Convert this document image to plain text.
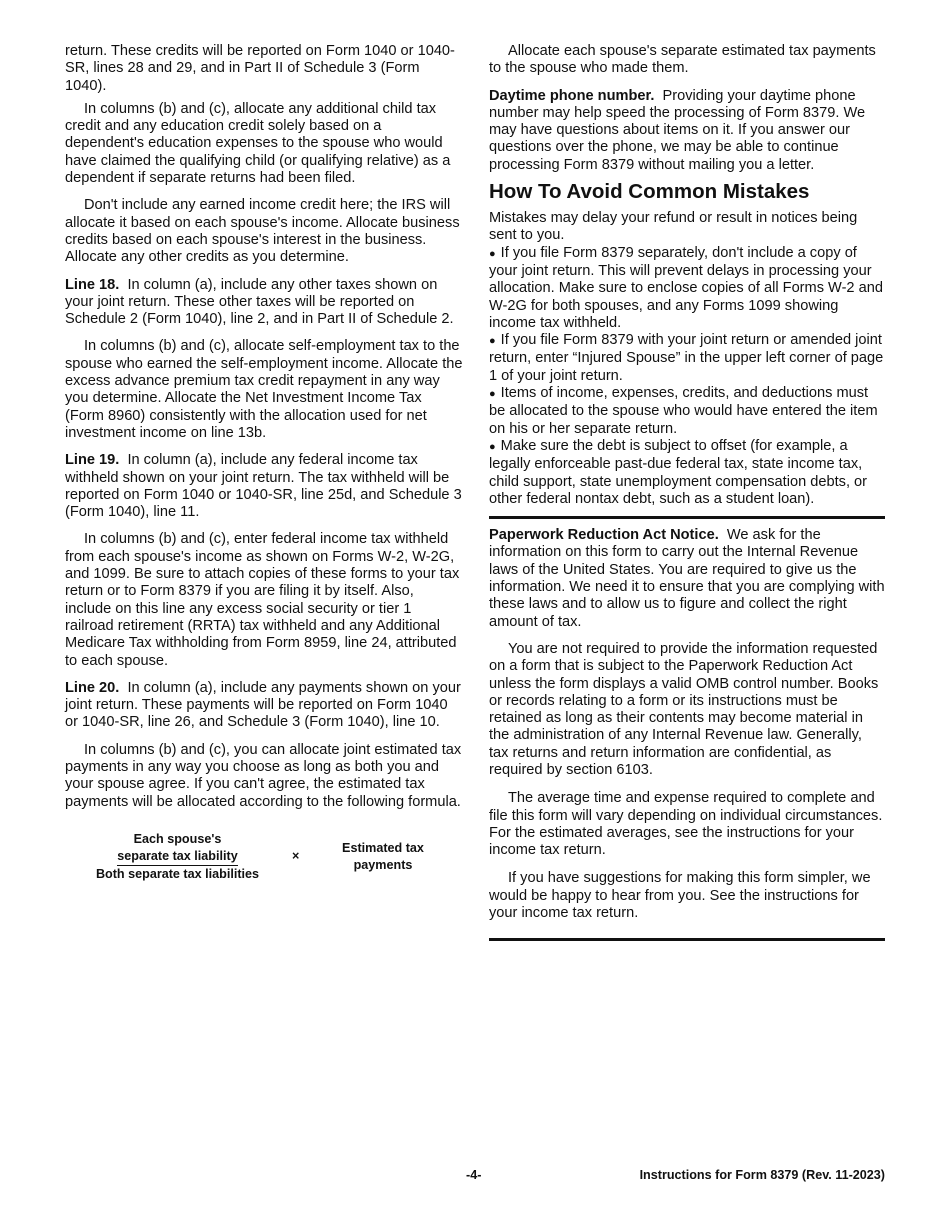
return. These credits will be reported on Form 1040 or 1040-SR, lines 28 and 29, and in Part II of Schedule 3 (Form 1040).

In columns (b) and (c), allocate any additional child tax credit and any education credit solely based on a dependent's education expenses to the spouse who would have claimed the qualifying child (or qualifying relative) as a dependent if separate returns had been filed.

Don't include any earned income credit here; the IRS will allocate it based on each spouse's income. Allocate business credits based on each spouse's interest in the business. Allocate any other credits as you determine.

Line 18. In column (a), include any other taxes shown on your joint return. These other taxes will be reported on Schedule 2 (Form 1040), line 2, and in Part II of Schedule 2.

In columns (b) and (c), allocate self-employment tax to the spouse who earned the self-employment income. Allocate the excess advance premium tax credit repayment in any way you determine. Allocate the Net Investment Income Tax (Form 8960) consistently with the allocation used for net investment income on line 13b.

Line 19. In column (a), include any federal income tax withheld shown on your joint return. The tax withheld will be reported on Form 1040 or 1040-SR, line 25d, and Schedule 3 (Form 1040), line 11.

In columns (b) and (c), enter federal income tax withheld from each spouse's income as shown on Forms W-2, W-2G, and 1099. Be sure to attach copies of these forms to your tax return or to Form 8379 if you are filing it by itself. Also, include on this line any excess social security or tier 1 railroad retirement (RRTA) tax withheld and any Additional Medicare Tax withholding from Form 8959, line 24, attributed to each spouse.

Line 20. In column (a), include any payments shown on your joint return. These payments will be reported on Form 1040 or 1040-SR, line 26, and Schedule 3 (Form 1040), line 10.

In columns (b) and (c), you can allocate joint estimated tax payments in any way you choose as long as both you and your spouse agree. If you can't agree, the estimated tax payments will be allocated according to the following formula.

Each spouse's
separate tax liability
Both separate tax liabilities
×
Estimated tax
payments

Allocate each spouse's separate estimated tax payments to the spouse who made them.

Daytime phone number. Providing your daytime phone number may help speed the processing of Form 8379. We may have questions about items on it. If you answer our questions over the phone, we may be able to continue processing Form 8379 without mailing you a letter.

How To Avoid Common Mistakes

Mistakes may delay your refund or result in notices being sent to you.

● If you file Form 8379 separately, don't include a copy of your joint return. This will prevent delays in processing your allocation. Make sure to enclose copies of all Forms W-2 and W-2G for both spouses, and any Forms 1099 showing income tax withheld.

● If you file Form 8379 with your joint return or amended joint return, enter “Injured Spouse” in the upper left corner of page 1 of your joint return.

● Items of income, expenses, credits, and deductions must be allocated to the spouse who would have entered the item on his or her separate return.

● Make sure the debt is subject to offset (for example, a legally enforceable past-due federal tax, state income tax, child support, state unemployment compensation debts, or other federal nontax debt, such as a student loan).

Paperwork Reduction Act Notice. We ask for the information on this form to carry out the Internal Revenue laws of the United States. You are required to give us the information. We need it to ensure that you are complying with these laws and to allow us to figure and collect the right amount of tax.

You are not required to provide the information requested on a form that is subject to the Paperwork Reduction Act unless the form displays a valid OMB control number. Books or records relating to a form or its instructions must be retained as long as their contents may become material in the administration of any Internal Revenue law. Generally, tax returns and return information are confidential, as required by section 6103.

The average time and expense required to complete and file this form will vary depending on individual circumstances. For the estimated averages, see the instructions for your income tax return.

If you have suggestions for making this form simpler, we would be happy to hear from you. See the instructions for your income tax return.

-4-	Instructions for Form 8379 (Rev. 11-2023)
